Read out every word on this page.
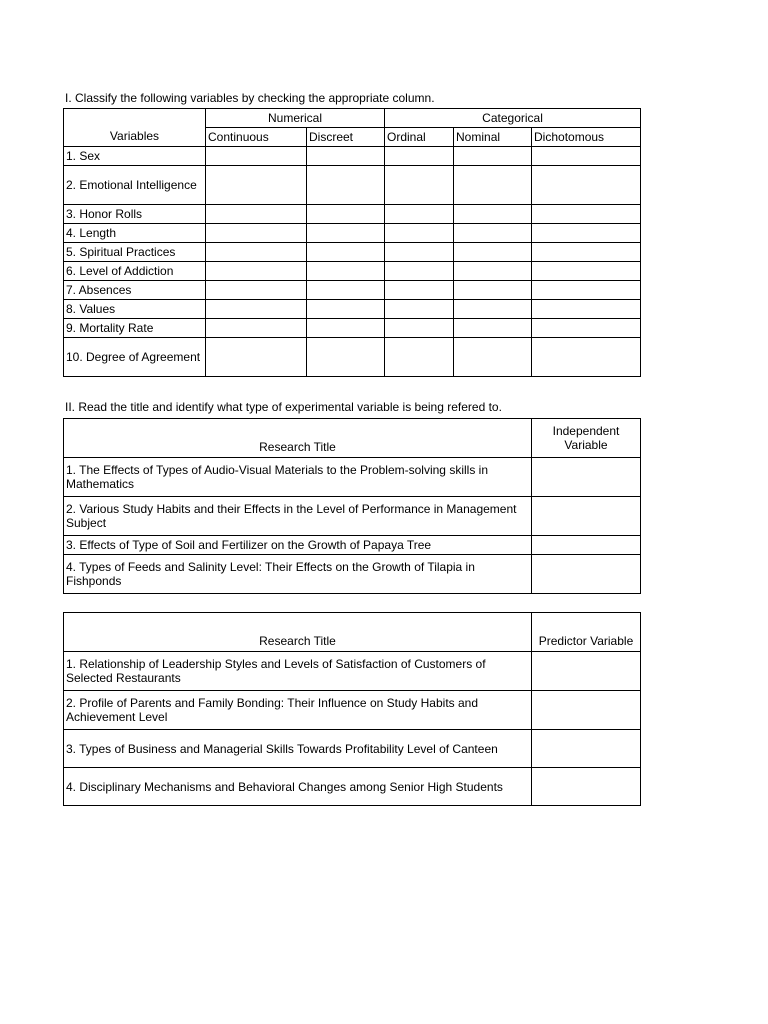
I. Classify the following variables by checking the appropriate column.
Variables	Numerical		Categorical		
	Continuous	Discreet	Ordinal	Nominal	Dichotomous
1. Sex					
2. Emotional Intelligence					
3. Honor Rolls					
4. Length					
5. Spiritual Practices					
6. Level of Addiction					
7. Absences					
8. Values					
9. Mortality Rate					
10. Degree of Agreement					
II. Read the title and identify what type of experimental variable is being refered to.
Research Title	Independent Variable
1. The Effects of Types of Audio-Visual Materials to the Problem-solving skills in Mathematics	
2. Various Study Habits and their Effects in the Level of Performance in Management Subject	
3. Effects of Type of Soil and Fertilizer on the Growth of Papaya Tree	
4. Types of Feeds and Salinity Level: Their Effects on the Growth of Tilapia in Fishponds	
Research Title	Predictor Variable
1. Relationship of Leadership Styles and Levels of Satisfaction of Customers of Selected Restaurants	
2. Profile of Parents and Family Bonding: Their Influence on Study Habits and Achievement Level	
3. Types of Business and Managerial Skills Towards Profitability Level of Canteen	
4. Disciplinary Mechanisms and Behavioral Changes among Senior High Students	
